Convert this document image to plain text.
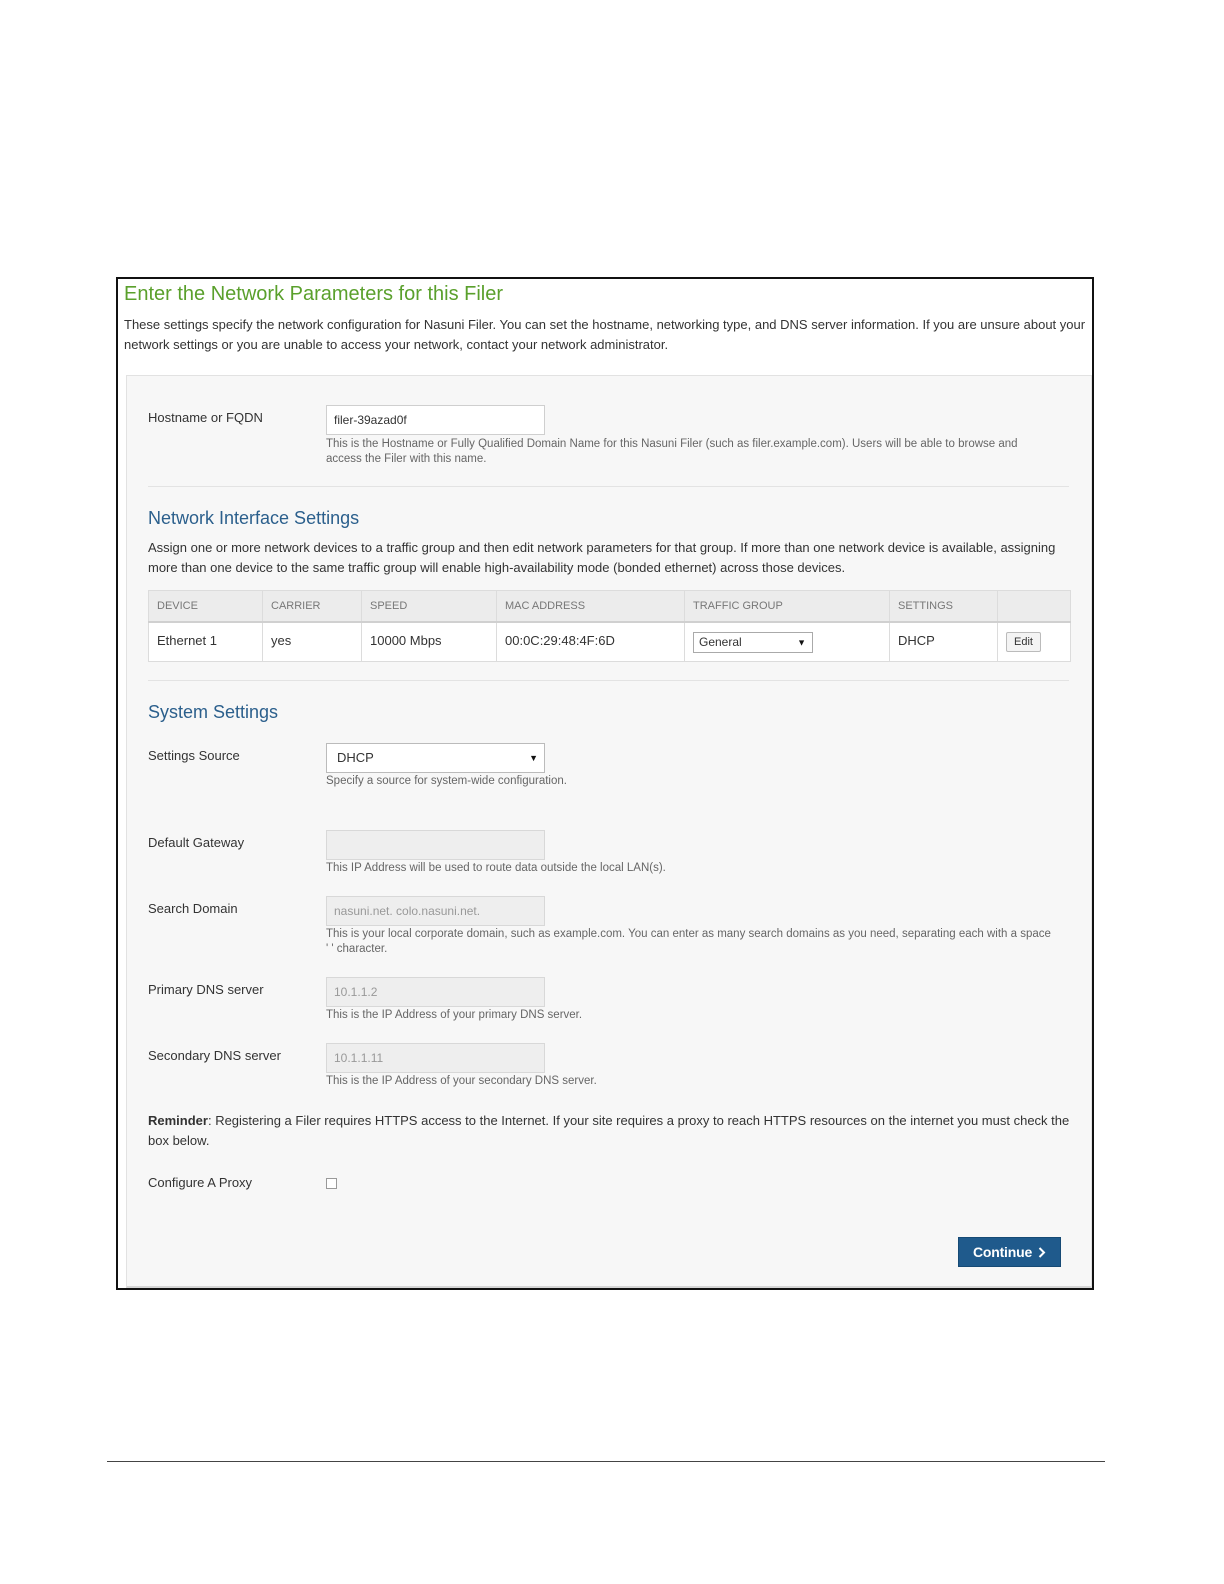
Enter the Network Parameters for this Filer

These settings specify the network configuration for Nasuni Filer. You can set the hostname, networking type, and DNS server information. If you are unsure about your network settings or you are unable to access your network, contact your network administrator.

Hostname or FQDN
filer-39azad0f
This is the Hostname or Fully Qualified Domain Name for this Nasuni Filer (such as filer.example.com). Users will be able to browse and access the Filer with this name.
Network Interface Settings

Assign one or more network devices to a traffic group and then edit network parameters for that group. If more than one network device is available, assigning more than one device to the same traffic group will enable high-availability mode (bonded ethernet) across those devices.

DEVICE	CARRIER	SPEED	MAC ADDRESS	TRAFFIC GROUP	SETTINGS	
Ethernet 1	yes	10000 Mbps	00:0C:29:48:4F:6D	General ▼	DHCP	Edit
System Settings
Settings Source	DHCP	▼
Specify a source for system-wide configuration.
Default Gateway
This IP Address will be used to route data outside the local LAN(s).
Search Domain
nasuni.net. colo.nasuni.net.
This is your local corporate domain, such as example.com. You can enter as many search domains as you need, separating each with a space ' ' character.
Primary DNS server
10.1.1.2
This is the IP Address of your primary DNS server.
Secondary DNS server
10.1.1.11
This is the IP Address of your secondary DNS server.

Reminder: Registering a Filer requires HTTPS access to the Internet. If your site requires a proxy to reach HTTPS resources on the internet you must check the box below.

Configure A Proxy
Continue
